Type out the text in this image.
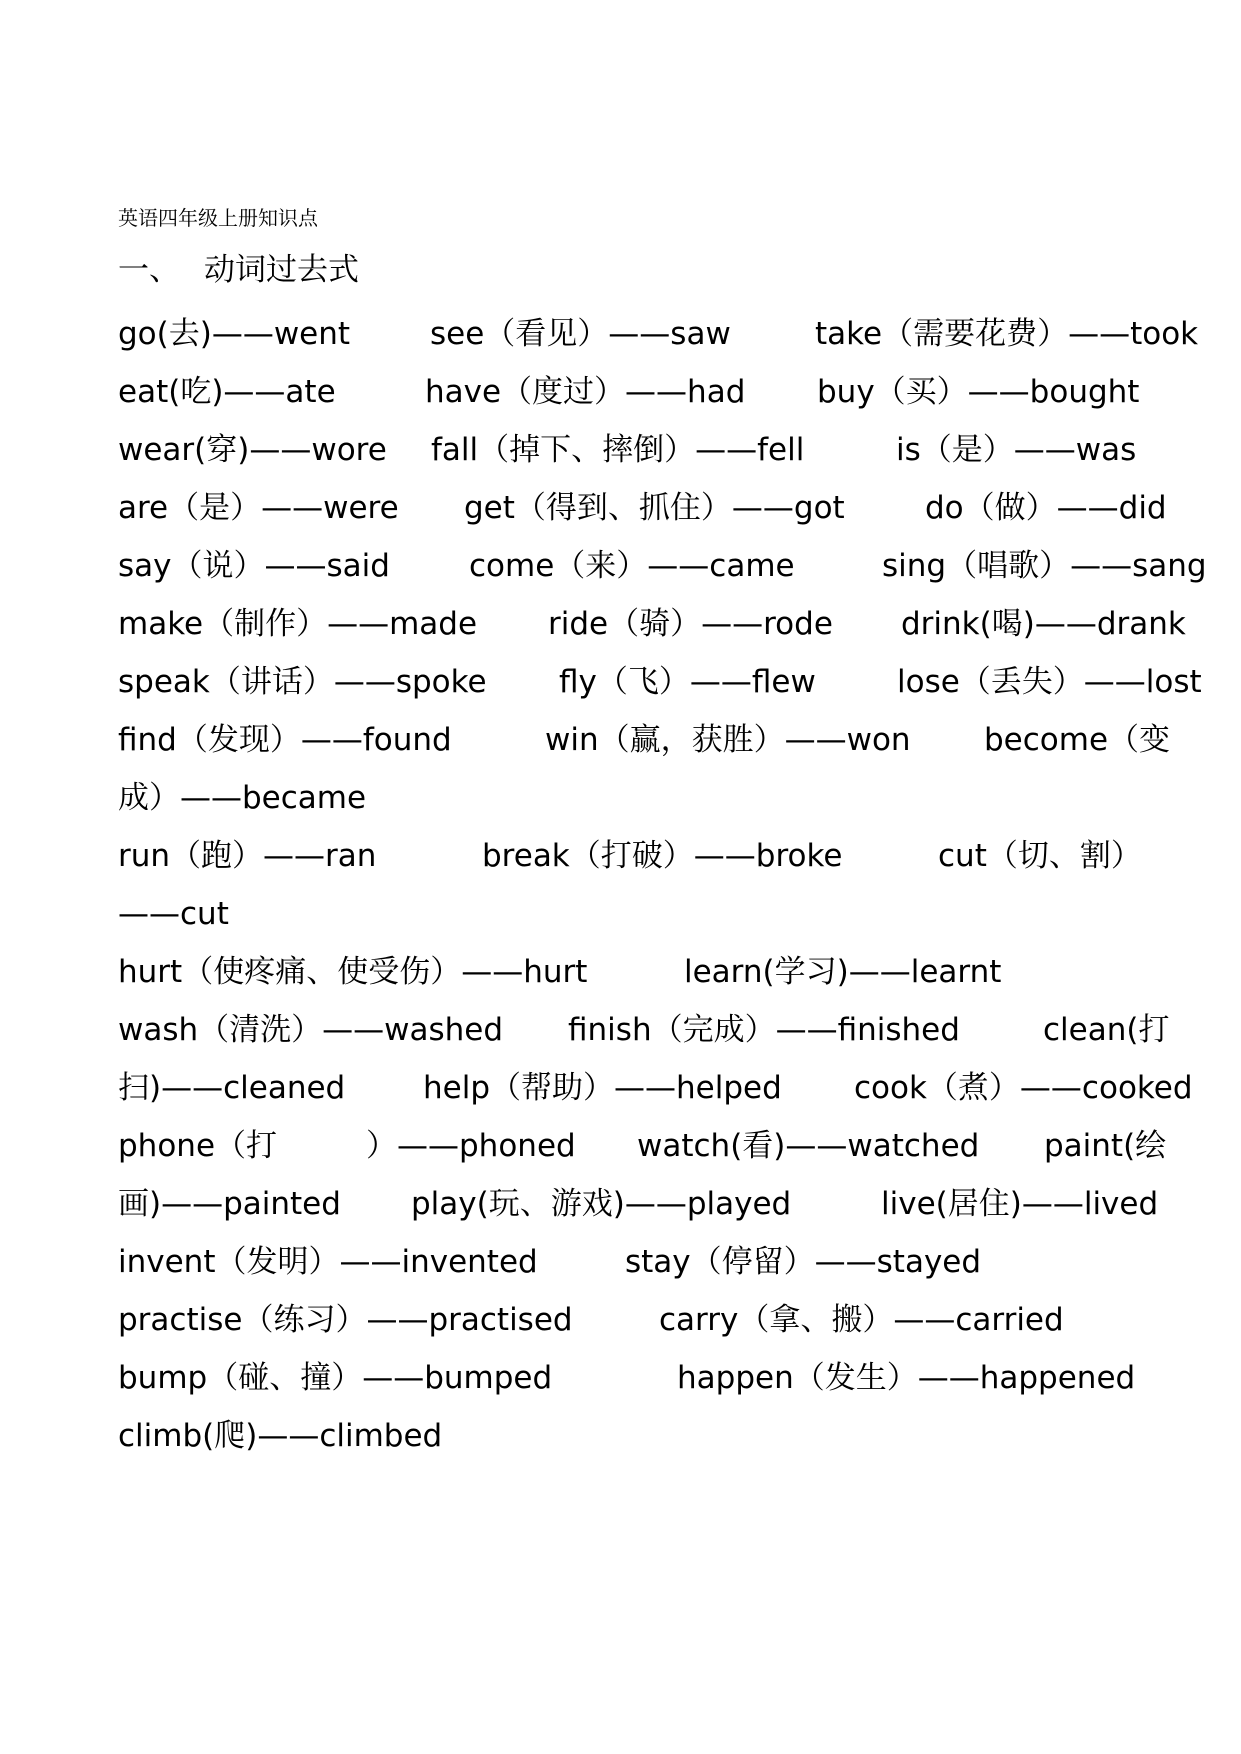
英语四年级上册知识点
一、 动词过去式
go(去)——went	see（看见）——saw	take（需要花费）——took
eat(吃)——ate	have（度过）——had buy（买）——bought
wear(穿)——wore fall（掉下、摔倒）——fell	is（是）——was
are（是）——were get（得到、抓住）——got	do（做）——did
say（说）——said	come（来）——came	sing（唱歌）——sang
make（制作）——made ride（骑）——rode drink(喝)——drank
speak（讲话）——spoke fly（飞）——flew	lose（丢失）——lost
find（发现）——found	win（赢，获胜）——won become（变
成）——became
run（跑）——ran	break（打破）——broke	cut（切、割）
——cut
hurt（使疼痛、使受伤）——hurt	learn(学习)——learnt
wash（清洗）——washed finish（完成）——finished	clean(打
扫)——cleaned	help（帮助）——helped cook（煮）——cooked
phone（打	）——phoned watch(看)——watched paint(绘
画)——painted play(玩、游戏)——played	live(居住)——lived
invent（发明）——invented	stay（停留）——stayed
practise（练习）——practised	carry（拿、搬）——carried
bump（碰、撞）——bumped	happen（发生）——happened
climb(爬)——climbed
